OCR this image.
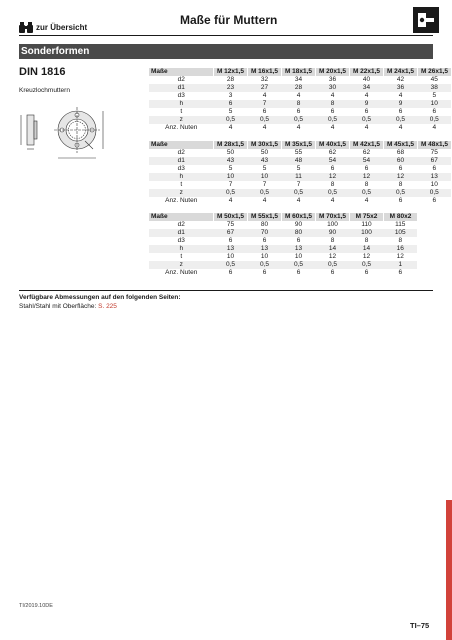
zur Übersicht
Maße für Muttern
Sonderformen
DIN 1816
Kreuzlochmuttern
Maße	M 12x1,5	M 16x1,5	M 18x1,5	M 20x1,5	M 22x1,5	M 24x1,5	M 26x1,5
d2	28	32	34	36	40	42	45
d1	23	27	28	30	34	36	38
d3	3	4	4	4	4	4	5
h	6	7	8	8	9	9	10
t	5	6	6	6	6	6	6
z	0,5	0,5	0,5	0,5	0,5	0,5	0,5
Anz. Nuten	4	4	4	4	4	4	4
Maße	M 28x1,5	M 30x1,5	M 35x1,5	M 40x1,5	M 42x1,5	M 45x1,5	M 48x1,5
d2	50	50	55	62	62	68	75
d1	43	43	48	54	54	60	67
d3	5	5	5	6	6	6	6
h	10	10	11	12	12	12	13
t	7	7	7	8	8	8	10
z	0,5	0,5	0,5	0,5	0,5	0,5	0,5
Anz. Nuten	4	4	4	4	4	6	6
Maße	M 50x1,5	M 55x1,5	M 60x1,5	M 70x1,5	M 75x2	M 80x2
d2	75	80	90	100	110	115
d1	67	70	80	90	100	105
d3	6	6	6	8	8	8
h	13	13	13	14	14	16
t	10	10	10	12	12	12
z	0,5	0,5	0,5	0,5	0,5	1
Anz. Nuten	6	6	6	6	6	6
Verfügbare Abmessungen auf den folgenden Seiten:
Stahl/Stahl mit Oberfläche: S. 225
TI/2019.10DE
TI–75
